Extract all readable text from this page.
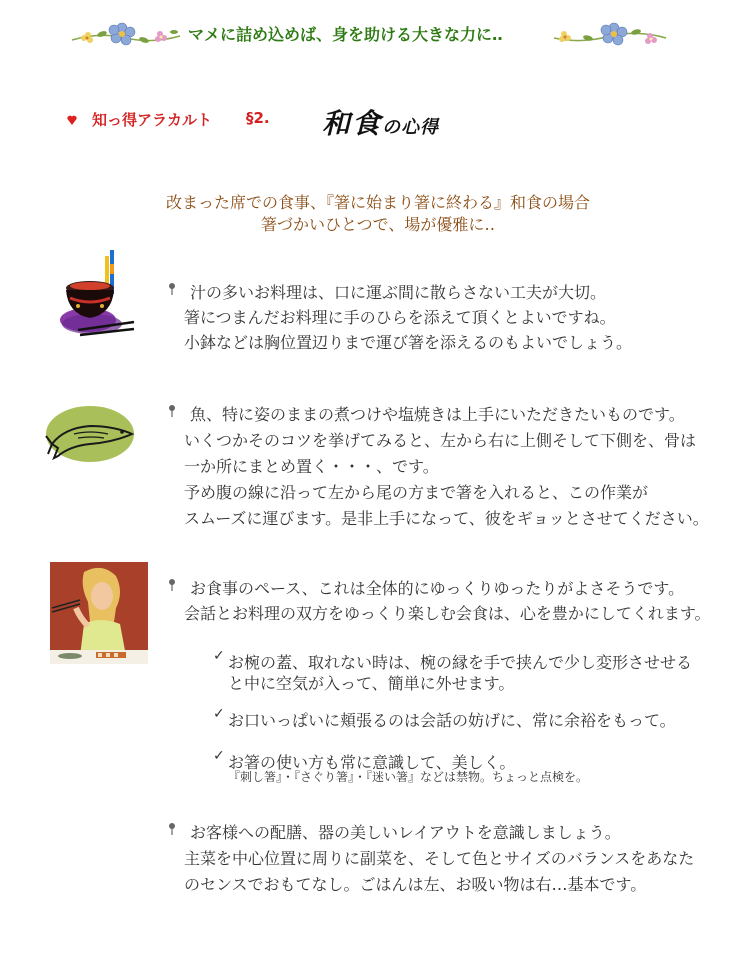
マメに詰め込めば、身を助ける大きな力に‥
知っ得アラカルト §2. 和食の心得
改まった席での食事、『箸に始まり箸に終わる』和食の場合
箸づかいひとつで、場が優雅に‥
汁の多いお料理は、口に運ぶ間に散らさない工夫が大切。
箸につまんだお料理に手のひらを添えて頂くとよいですね。
小鉢などは胸位置辺りまで運び箸を添えるのもよいでしょう。
魚、特に姿のままの煮つけや塩焼きは上手にいただきたいものです。
いくつかそのコツを挙げてみると、左から右に上側そして下側を、骨は
一か所にまとめ置く・・・、です。
予め腹の線に沿って左から尾の方まで箸を入れると、この作業が
スムーズに運びます。是非上手になって、彼をギョッとさせてください。
お食事のペース、これは全体的にゆっくりゆったりがよさそうです。
会話とお料理の双方をゆっくり楽しむ会食は、心を豊かにしてくれます。
✓ お椀の蓋、取れない時は、椀の縁を手で挟んで少し変形させせる
と中に空気が入って、簡単に外せます。
✓ お口いっぱいに頬張るのは会話の妨げに、常に余裕をもって。
✓ お箸の使い方も常に意識して、美しく。
『刺し箸』・『さぐり箸』・『迷い箸』などは禁物。ちょっと点検を。
お客様への配膳、器の美しいレイアウトを意識しましょう。
主菜を中心位置に周りに副菜を、そして色とサイズのバランスをあなた
のセンスでおもてなし。ごはんは左、お吸い物は右…基本です。
